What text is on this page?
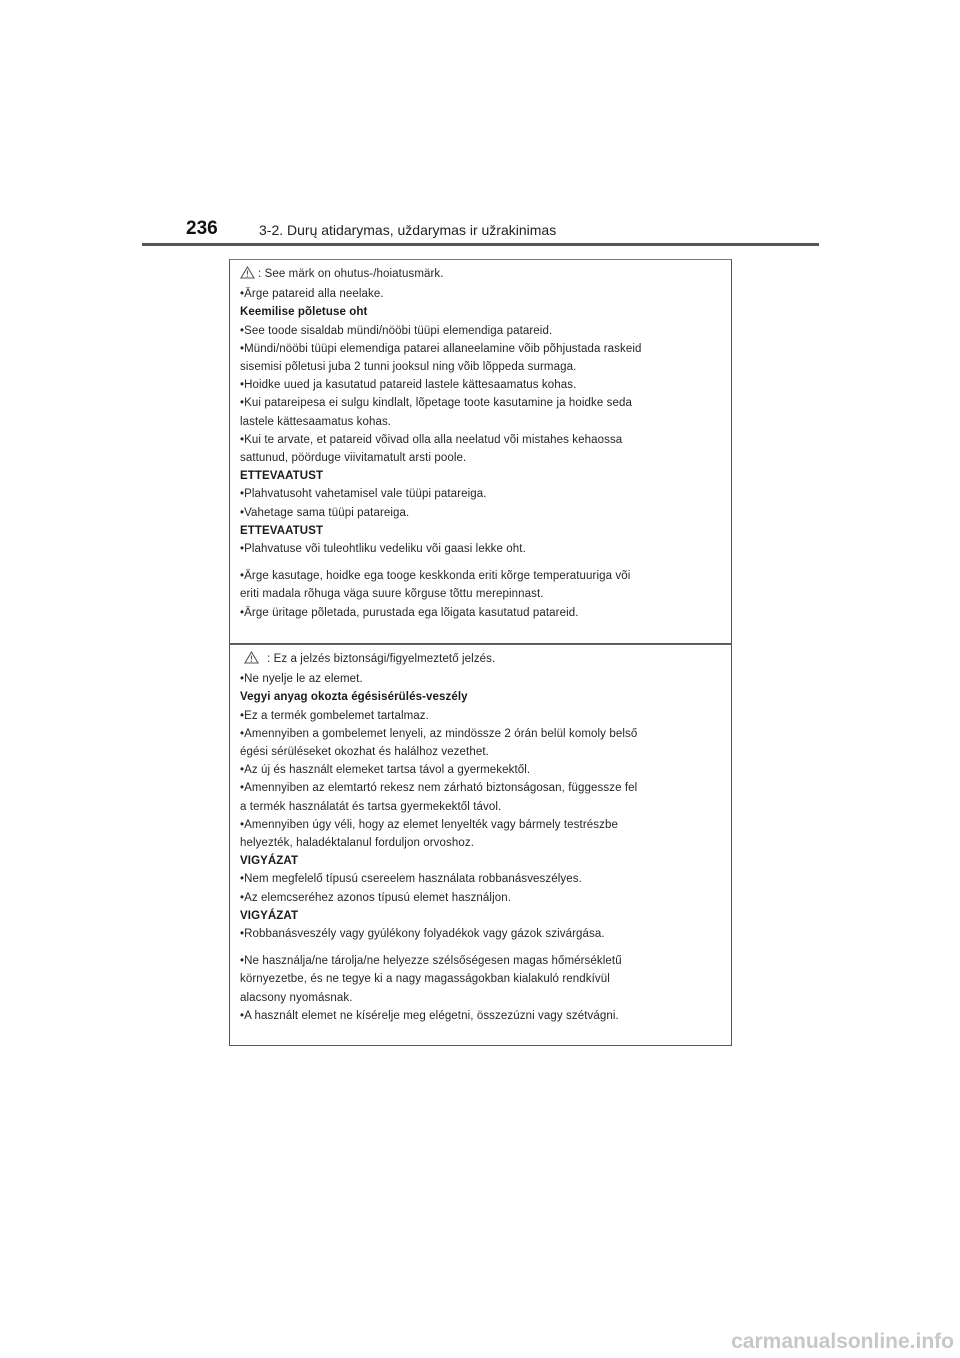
236	3-2. Durų atidarymas, uždarymas ir užrakinimas
: See märk on ohutus-/hoiatusmärk.
•Ärge patareid alla neelake.
Keemilise põletuse oht
•See toode sisaldab mündi/nööbi tüüpi elemendiga patareid.
•Mündi/nööbi tüüpi elemendiga patarei allaneelamine võib põhjustada raskeid
sisemisi põletusi juba 2 tunni jooksul ning võib lõppeda surmaga.
•Hoidke uued ja kasutatud patareid lastele kättesaamatus kohas.
•Kui patareipesa ei sulgu kindlalt, lõpetage toote kasutamine ja hoidke seda
lastele kättesaamatus kohas.
•Kui te arvate, et patareid võivad olla alla neelatud või mistahes kehaossa
sattunud, pöörduge viivitamatult arsti poole.
ETTEVAATUST
•Plahvatusoht vahetamisel vale tüüpi patareiga.
•Vahetage sama tüüpi patareiga.
ETTEVAATUST
•Plahvatuse või tuleohtliku vedeliku või gaasi lekke oht.
•Ärge kasutage, hoidke ega tooge keskkonda eriti kõrge temperatuuriga või
eriti madala rõhuga väga suure kõrguse tõttu merepinnast.
•Ärge üritage põletada, purustada ega lõigata kasutatud patareid.
: Ez a jelzés biztonsági/figyelmeztető jelzés.
•Ne nyelje le az elemet.
Vegyi anyag okozta égésisérülés-veszély
•Ez a termék gombelemet tartalmaz.
•Amennyiben a gombelemet lenyeli, az mindössze 2 órán belül komoly belső
égési sérüléseket okozhat és halálhoz vezethet.
•Az új és használt elemeket tartsa távol a gyermekektől.
•Amennyiben az elemtartó rekesz nem zárható biztonságosan, függessze fel
a termék használatát és tartsa gyermekektől távol.
•Amennyiben úgy véli, hogy az elemet lenyelték vagy bármely testrészbe
helyezték, haladéktalanul forduljon orvoshoz.
VIGYÁZAT
•Nem megfelelő típusú csereelem használata robbanásveszélyes.
•Az elemcseréhez azonos típusú elemet használjon.
VIGYÁZAT
•Robbanásveszély vagy gyúlékony folyadékok vagy gázok szivárgása.
•Ne használja/ne tárolja/ne helyezze szélsőségesen magas hőmérsékletű
környezetbe, és ne tegye ki a nagy magasságokban kialakuló rendkívül
alacsony nyomásnak.
•A használt elemet ne kísérelje meg elégetni, összezúzni vagy szétvágni.
carmanualsonline.info
